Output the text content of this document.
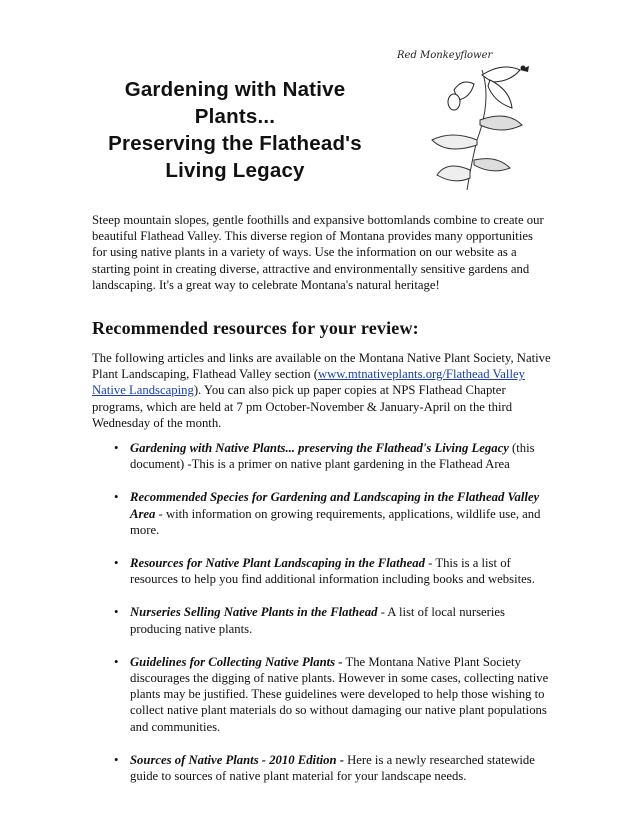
Gardening with Native
Plants...
Preserving the Flathead's
Living Legacy
Red Monkeyflower
Steep mountain slopes, gentle foothills and expansive bottomlands combine to create our
beautiful Flathead Valley. This diverse region of Montana provides many opportunities
for using native plants in a variety of ways. Use the information on our website as a
starting point in creating diverse, attractive and environmentally sensitive gardens and
landscaping. It's a great way to celebrate Montana's natural heritage!
Recommended resources for your review:
The following articles and links are available on the Montana Native Plant Society, Native Plant Landscaping, Flathead Valley section (www.mtnativeplants.org/Flathead Valley Native Landscaping). You can also pick up paper copies at NPS Flathead Chapter programs, which are held at 7 pm October-November & January-April on the third Wednesday of the month.
• Gardening with Native Plants... preserving the Flathead's Living Legacy (this document) -This is a primer on native plant gardening in the Flathead Area
• Recommended Species for Gardening and Landscaping in the Flathead Valley Area - with information on growing requirements, applications, wildlife use, and more.
• Resources for Native Plant Landscaping in the Flathead - This is a list of resources to help you find additional information including books and websites.
• Nurseries Selling Native Plants in the Flathead - A list of local nurseries producing native plants.
• Guidelines for Collecting Native Plants - The Montana Native Plant Society discourages the digging of native plants. However in some cases, collecting native plants may be justified. These guidelines were developed to help those wishing to collect native plant materials do so without damaging our native plant populations and communities.
• Sources of Native Plants - 2010 Edition - Here is a newly researched statewide guide to sources of native plant material for your landscape needs.
